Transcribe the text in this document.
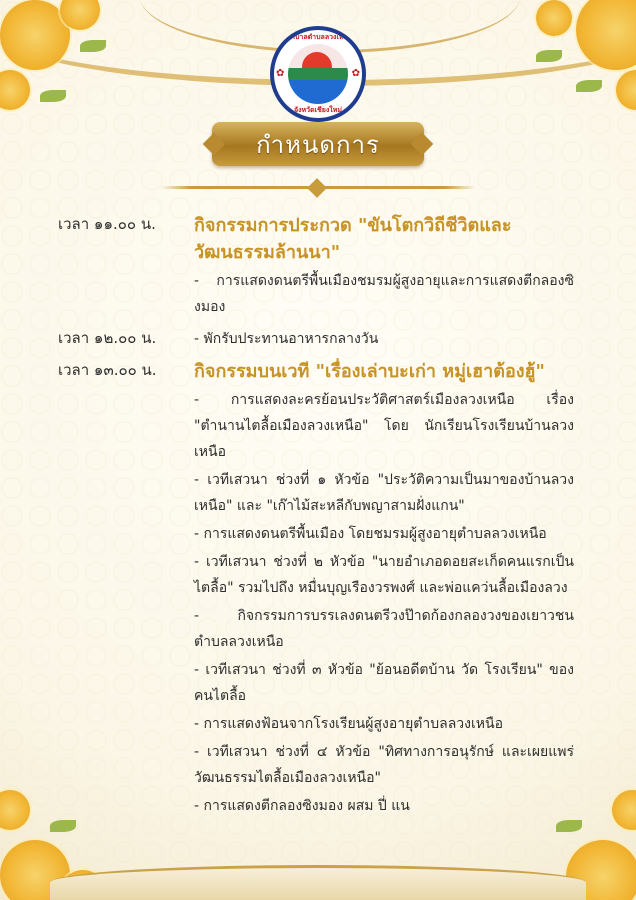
เทศบาลตำบลลวงเหนือ
✿	✿
จังหวัดเชียงใหม่
กำหนดการ
เวลา ๑๑.๐๐ น.	กิจกรรมการประกวด "ขันโตกวิถีชีวิตและวัฒนธรรมล้านนา"
- การแสดงดนตรีพื้นเมืองชมรมผู้สูงอายุและการแสดงตีกลองซิงมอง
เวลา ๑๒.๐๐ น.	- พักรับประทานอาหารกลางวัน
เวลา ๑๓.๐๐ น.	กิจกรรมบนเวที "เรื่องเล่าบะเก่า หมู่เฮาต้องฮู้"
- การแสดงละครย้อนประวัติศาสตร์เมืองลวงเหนือ เรื่อง "ตำนานไตลื้อเมืองลวงเหนือ" โดย นักเรียนโรงเรียนบ้านลวงเหนือ
- เวทีเสวนา ช่วงที่ ๑ หัวข้อ "ประวัติความเป็นมาของบ้านลวงเหนือ" และ "เก๊าไม้สะหลีกับพญาสามฝั่งแกน"
- การแสดงดนตรีพื้นเมือง โดยชมรมผู้สูงอายุตำบลลวงเหนือ
- เวทีเสวนา ช่วงที่ ๒ หัวข้อ "นายอำเภอดอยสะเก็ดคนแรกเป็นไตลื้อ" รวมไปถึง หมื่นบุญเรืองวรพงศ์ และพ่อแคว่นลื้อเมืองลวง
- กิจกรรมการบรรเลงดนตรีวงป๊าดก้องกลองวงของเยาวชนตำบลลวงเหนือ
- เวทีเสวนา ช่วงที่ ๓ หัวข้อ "ย้อนอดีตบ้าน วัด โรงเรียน" ของคนไตลื้อ
- การแสดงฟ้อนจากโรงเรียนผู้สูงอายุตำบลลวงเหนือ
- เวทีเสวนา ช่วงที่ ๔ หัวข้อ "ทิศทางการอนุรักษ์ และเผยแพร่วัฒนธรรมไตลื้อเมืองลวงเหนือ"
- การแสดงตีกลองซิงมอง ผสม ปี่ แน
